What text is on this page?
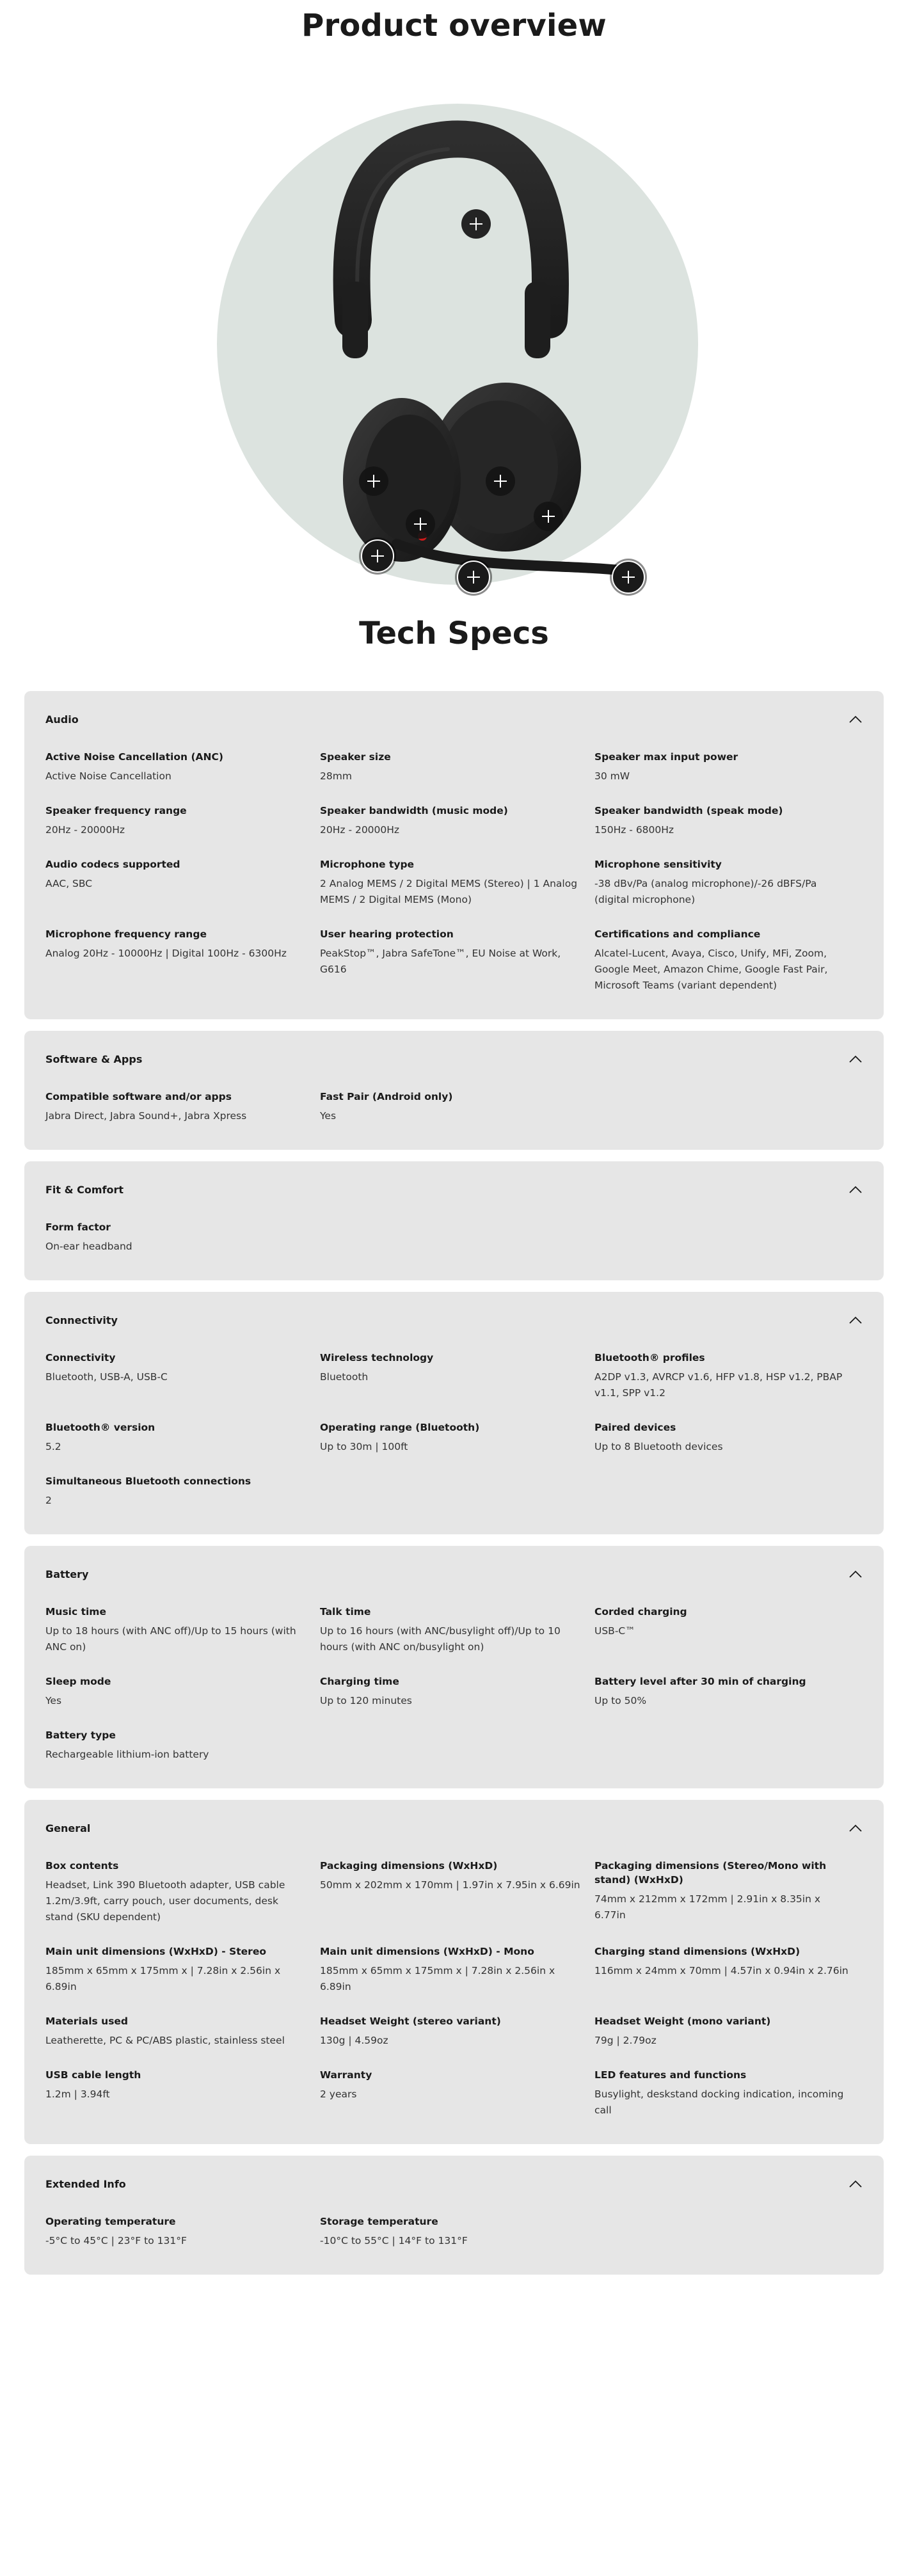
Product overview
Tech Specs
Audio
Active Noise Cancellation (ANC)
Active Noise Cancellation
Speaker size
28mm
Speaker max input power
30 mW
Speaker frequency range
20Hz - 20000Hz
Speaker bandwidth (music mode)
20Hz - 20000Hz
Speaker bandwidth (speak mode)
150Hz - 6800Hz
Audio codecs supported
AAC, SBC
Microphone type
2 Analog MEMS / 2 Digital MEMS (Stereo) | 1 Analog MEMS / 2 Digital MEMS (Mono)
Microphone sensitivity
-38 dBv/Pa (analog microphone)/-26 dBFS/Pa (digital microphone)
Microphone frequency range
Analog 20Hz - 10000Hz | Digital 100Hz - 6300Hz
User hearing protection
PeakStop™, Jabra SafeTone™, EU Noise at Work, G616
Certifications and compliance
Alcatel-Lucent, Avaya, Cisco, Unify, MFi, Zoom, Google Meet, Amazon Chime, Google Fast Pair, Microsoft Teams (variant dependent)
Software & Apps
Compatible software and/or apps
Jabra Direct, Jabra Sound+, Jabra Xpress
Fast Pair (Android only)
Yes
Fit & Comfort
Form factor
On-ear headband
Connectivity
Connectivity
Bluetooth, USB-A, USB-C
Wireless technology
Bluetooth
Bluetooth® profiles
A2DP v1.3, AVRCP v1.6, HFP v1.8, HSP v1.2, PBAP v1.1, SPP v1.2
Bluetooth® version
5.2
Operating range (Bluetooth)
Up to 30m | 100ft
Paired devices
Up to 8 Bluetooth devices
Simultaneous Bluetooth connections
2
Battery
Music time
Up to 18 hours (with ANC off)/Up to 15 hours (with ANC on)
Talk time
Up to 16 hours (with ANC/busylight off)/Up to 10 hours (with ANC on/busylight on)
Corded charging
USB-C™
Sleep mode
Yes
Charging time
Up to 120 minutes
Battery level after 30 min of charging
Up to 50%
Battery type
Rechargeable lithium-ion battery
General
Box contents
Headset, Link 390 Bluetooth adapter, USB cable 1.2m/3.9ft, carry pouch, user documents, desk stand (SKU dependent)
Packaging dimensions (WxHxD)
50mm x 202mm x 170mm | 1.97in x 7.95in x 6.69in
Packaging dimensions (Stereo/Mono with stand) (WxHxD)
74mm x 212mm x 172mm | 2.91in x 8.35in x 6.77in
Main unit dimensions (WxHxD) - Stereo
185mm x 65mm x 175mm x | 7.28in x 2.56in x 6.89in
Main unit dimensions (WxHxD) - Mono
185mm x 65mm x 175mm x | 7.28in x 2.56in x 6.89in
Charging stand dimensions (WxHxD)
116mm x 24mm x 70mm | 4.57in x 0.94in x 2.76in
Materials used
Leatherette, PC & PC/ABS plastic, stainless steel
Headset Weight (stereo variant)
130g | 4.59oz
Headset Weight (mono variant)
79g | 2.79oz
USB cable length
1.2m | 3.94ft
Warranty
2 years
LED features and functions
Busylight, deskstand docking indication, incoming call
Extended Info
Operating temperature
-5°C to 45°C | 23°F to 131°F
Storage temperature
-10°C to 55°C | 14°F to 131°F
